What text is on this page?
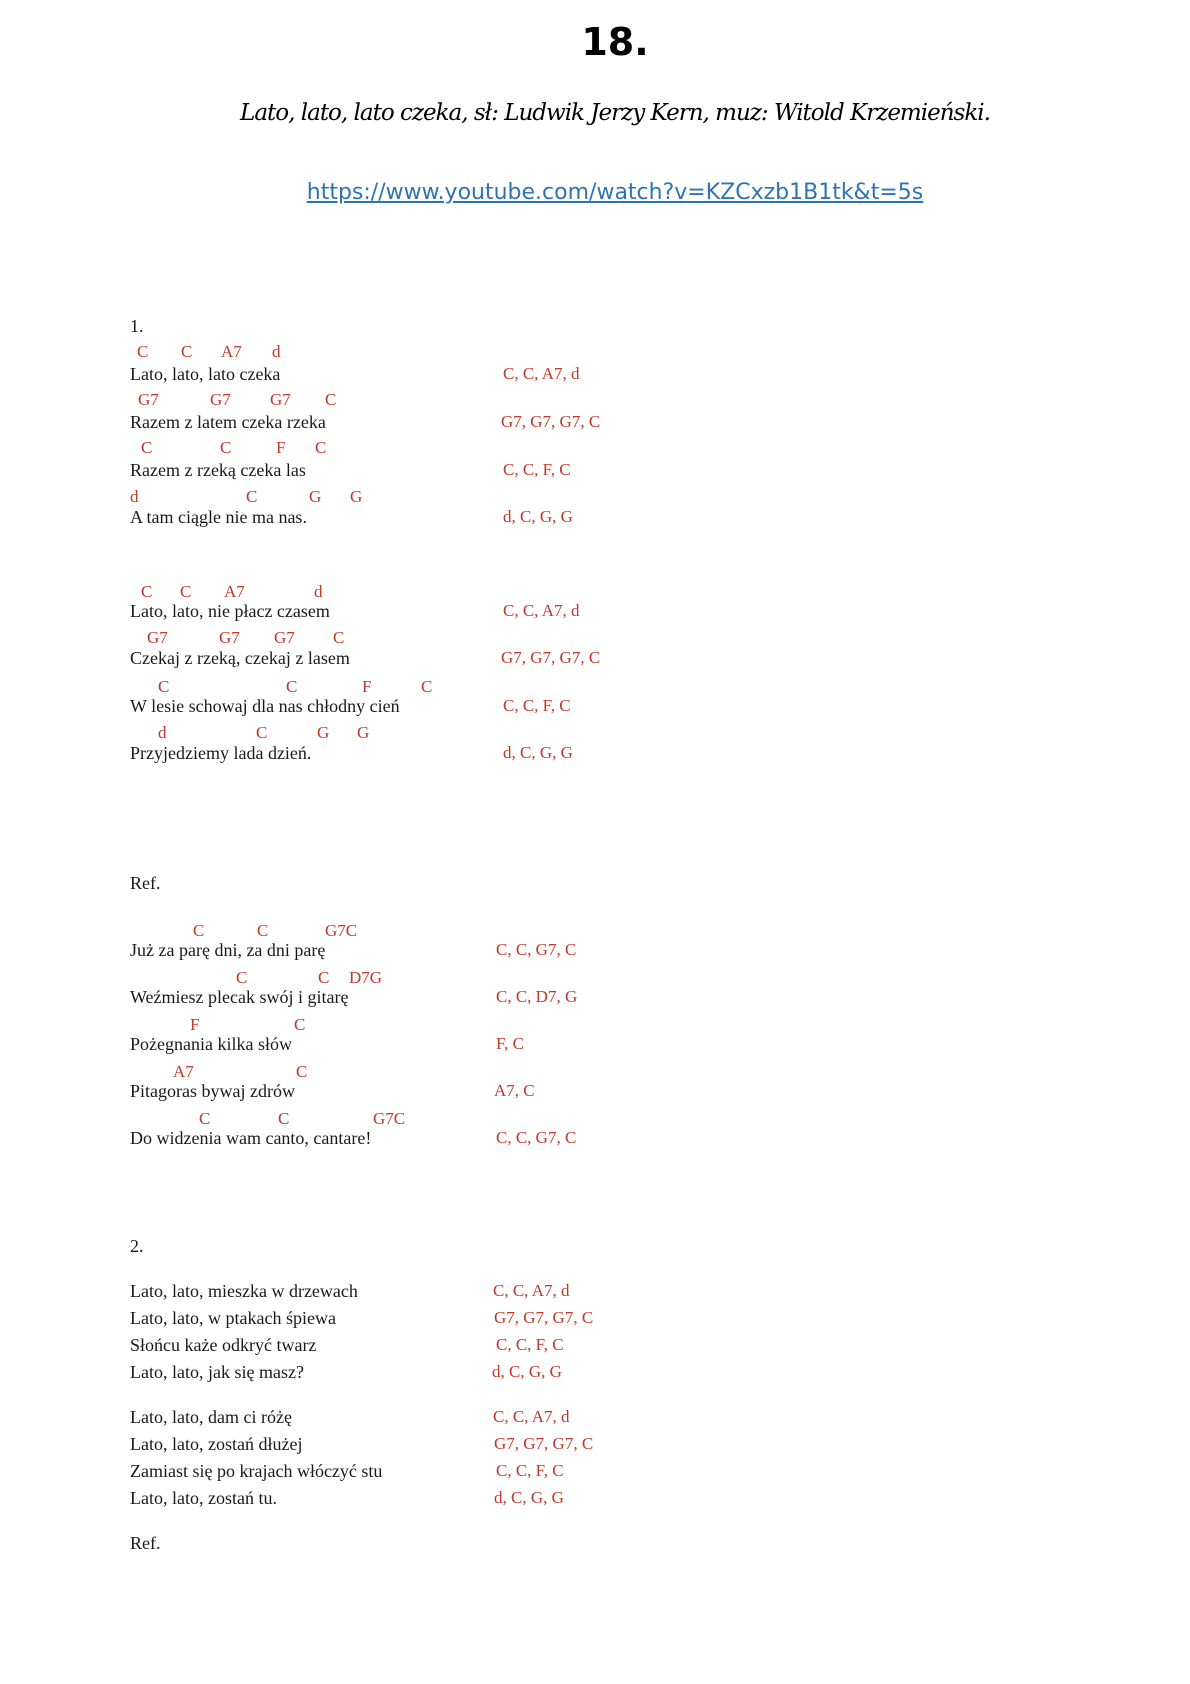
18.
Lato, lato, lato czeka, sł: Ludwik Jerzy Kern, muz: Witold Krzemieński.
https://www.youtube.com/watch?v=KZCxzb1B1tk&t=5s
1.
C C A7 d
Lato, lato, lato czeka	C, C, A7, d
G7	G7 G7 C
Razem z latem czeka rzeka	G7, G7, G7, C
C	C	F C
Razem z rzeką czeka las	C, C, F, C
d	C	G G
A tam ciągle nie ma nas.	d, C, G, G
C C A7	d
Lato, lato, nie płacz czasem	C, C, A7, d
G7	G7 G7 C
Czekaj z rzeką, czekaj z lasem	G7, G7, G7, C
C	C	F	C
W lesie schowaj dla nas chłodny cień	C, C, F, C
d	C	G G
Przyjedziemy lada dzień.	d, C, G, G
Ref.
C	C	G7C
Już za parę dni, za dni parę	C, C, G7, C
C	C D7G
Weźmiesz plecak swój i gitarę	C, C, D7, G
F	C
Pożegnania kilka słów	F, C
A7	C
Pitagoras bywaj zdrów	A7, C
C	C	G7C
Do widzenia wam canto, cantare!	C, C, G7, C
2.
Lato, lato, mieszka w drzewach	C, C, A7, d
Lato, lato, w ptakach śpiewa	G7, G7, G7, C
Słońcu każe odkryć twarz	C, C, F, C
Lato, lato, jak się masz?	d, C, G, G
Lato, lato, dam ci różę	C, C, A7, d
Lato, lato, zostań dłużej	G7, G7, G7, C
Zamiast się po krajach włóczyć stu	C, C, F, C
Lato, lato, zostań tu.	d, C, G, G
Ref.
